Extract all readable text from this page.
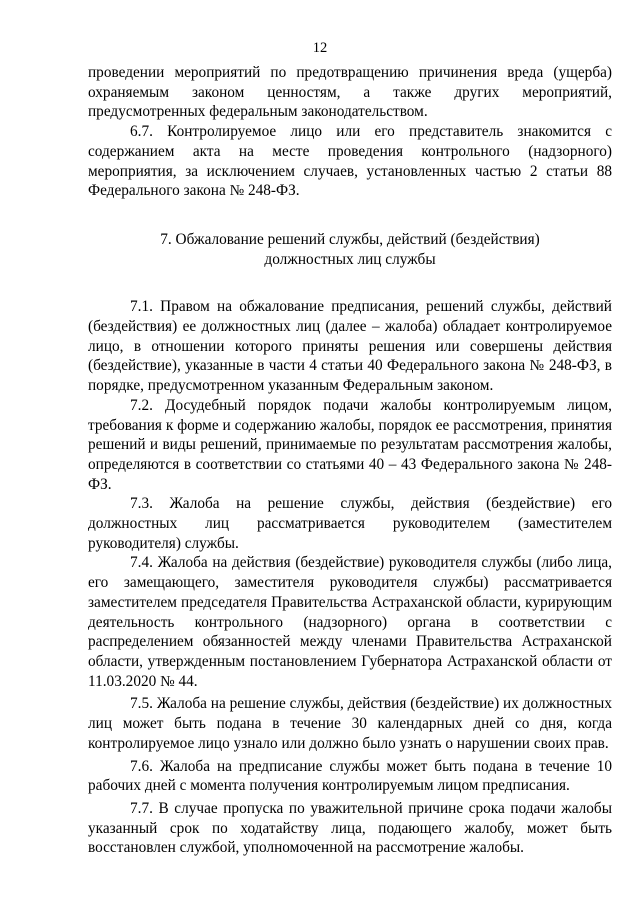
12

проведении мероприятий по предотвращению причинения вреда (ущерба) охраняемым законом ценностям, а также других мероприятий, предусмотренных федеральным законодательством.

6.7. Контролируемое лицо или его представитель знакомится с содержанием акта на месте проведения контрольного (надзорного) мероприятия, за исключением случаев, установленных частью 2 статьи 88 Федерального закона № 248-ФЗ.

7. Обжалование решений службы, действий (бездействия)
должностных лиц службы

7.1. Правом на обжалование предписания, решений службы, действий (бездействия) ее должностных лиц (далее – жалоба) обладает контролируемое лицо, в отношении которого приняты решения или совершены действия (бездействие), указанные в части 4 статьи 40 Федерального закона № 248-ФЗ, в порядке, предусмотренном указанным Федеральным законом.

7.2. Досудебный порядок подачи жалобы контролируемым лицом, требования к форме и содержанию жалобы, порядок ее рассмотрения, принятия решений и виды решений, принимаемые по результатам рассмотрения жалобы, определяются в соответствии со статьями 40 – 43 Федерального закона № 248-ФЗ.

7.3. Жалоба на решение службы, действия (бездействие) его должностных лиц рассматривается руководителем (заместителем руководителя) службы.

7.4. Жалоба на действия (бездействие) руководителя службы (либо лица, его замещающего, заместителя руководителя службы) рассматривается заместителем председателя Правительства Астраханской области, курирующим деятельность контрольного (надзорного) органа в соответствии с распределением обязанностей между членами Правительства Астраханской области, утвержденным постановлением Губернатора Астраханской области от 11.03.2020 № 44.

7.5. Жалоба на решение службы, действия (бездействие) их должностных лиц может быть подана в течение 30 календарных дней со дня, когда контролируемое лицо узнало или должно было узнать о нарушении своих прав.

7.6. Жалоба на предписание службы может быть подана в течение 10 рабочих дней с момента получения контролируемым лицом предписания.

7.7. В случае пропуска по уважительной причине срока подачи жалобы указанный срок по ходатайству лица, подающего жалобу, может быть восстановлен службой, уполномоченной на рассмотрение жалобы.
